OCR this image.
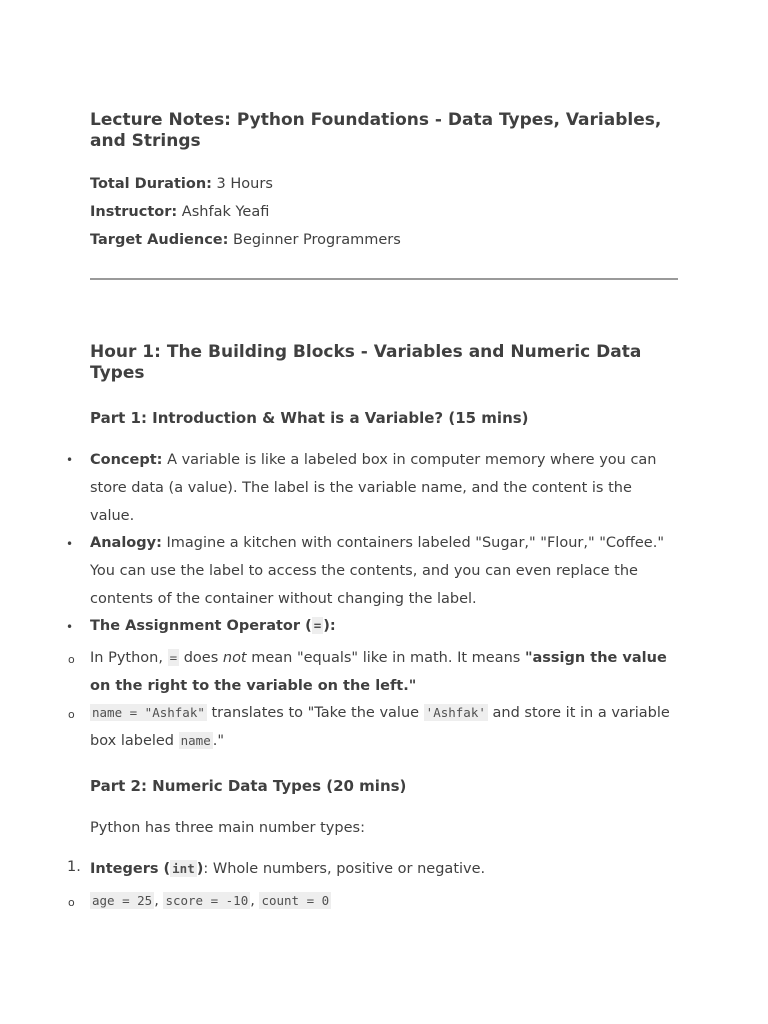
Lecture Notes: Python Foundations - Data Types, Variables, and Strings
Total Duration: 3 Hours
Instructor: Ashfak Yeafi
Target Audience: Beginner Programmers
Hour 1: The Building Blocks - Variables and Numeric Data Types
Part 1: Introduction & What is a Variable? (15 mins)
• Concept: A variable is like a labeled box in computer memory where you can store data (a value). The label is the variable name, and the content is the value.
• Analogy: Imagine a kitchen with containers labeled "Sugar," "Flour," "Coffee." You can use the label to access the contents, and you can even replace the contents of the container without changing the label.
• The Assignment Operator ( = ):
o In Python, = does not mean "equals" like in math. It means "assign the value on the right to the variable on the left."
o name = "Ashfak" translates to "Take the value 'Ashfak' and store it in a variable box labeled name ."
Part 2: Numeric Data Types (20 mins)
Python has three main number types:
1. Integers ( int ): Whole numbers, positive or negative.
o age = 25 , score = -10 , count = 0
